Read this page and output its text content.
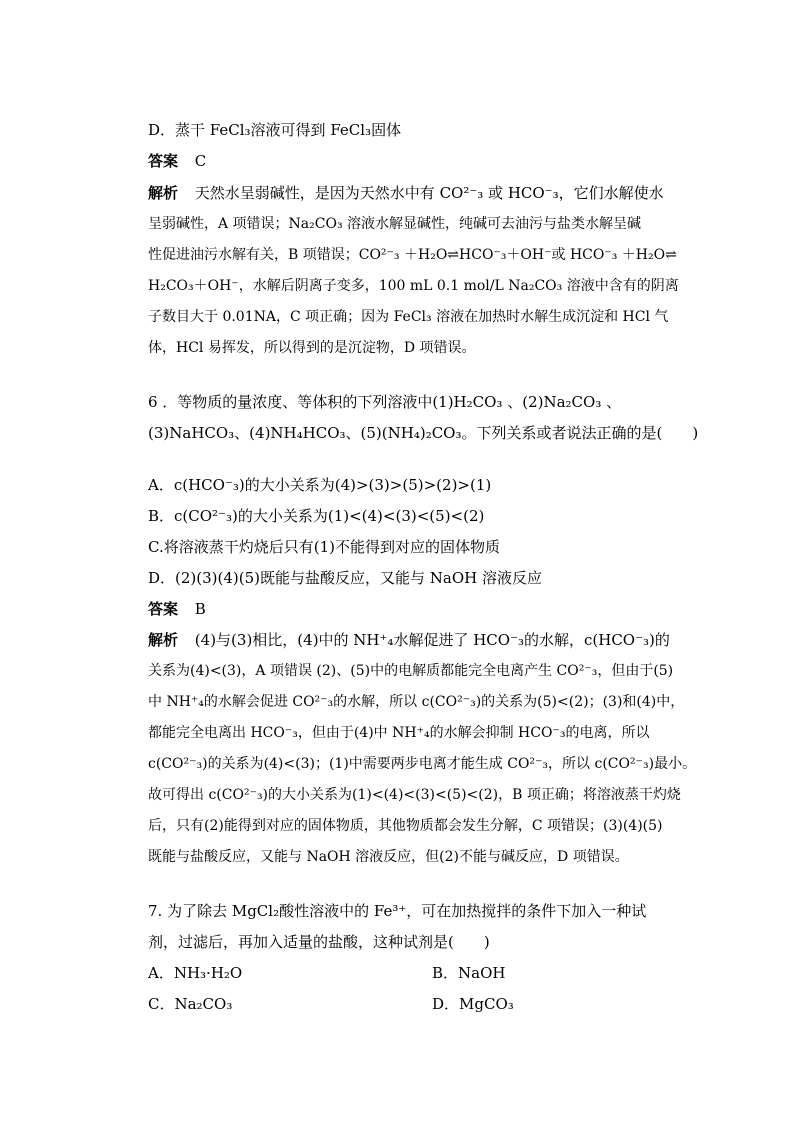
D．蒸干 FeCl₃溶液可得到 FeCl₃固体
答案 C
解析 天然水呈弱碱性，是因为天然水中有 CO²⁻₃ 或 HCO⁻₃，它们水解使水
呈弱碱性，A 项错误；Na₂CO₃ 溶液水解显碱性，纯碱可去油污与盐类水解呈碱
性促进油污水解有关，B 项错误；CO²⁻₃ ＋H₂O⇌HCO⁻₃＋OH⁻或 HCO⁻₃ ＋H₂O⇌
H₂CO₃＋OH⁻，水解后阴离子变多，100 mL 0.1 mol/L Na₂CO₃ 溶液中含有的阴离
子数目大于 0.01NA，C 项正确；因为 FeCl₃ 溶液在加热时水解生成沉淀和 HCl 气
体，HCl 易挥发，所以得到的是沉淀物，D 项错误。
6 ．等物质的量浓度、等体积的下列溶液中(1)H₂CO₃ 、(2)Na₂CO₃ 、
(3)NaHCO₃、(4)NH₄HCO₃、(5)(NH₄)₂CO₃。下列关系或者说法正确的是(　　)
A．c(HCO⁻₃)的大小关系为(4)>(3)>(5)>(2)>(1)
B．c(CO²⁻₃)的大小关系为(1)<(4)<(3)<(5)<(2)
C.将溶液蒸干灼烧后只有(1)不能得到对应的固体物质
D．(2)(3)(4)(5)既能与盐酸反应，又能与 NaOH 溶液反应
答案 B
解析 (4)与(3)相比，(4)中的 NH⁺₄水解促进了 HCO⁻₃的水解，c(HCO⁻₃)的
关系为(4)<(3)，A 项错误 (2)、(5)中的电解质都能完全电离产生 CO²⁻₃，但由于(5)
中 NH⁺₄的水解会促进 CO²⁻₃的水解，所以 c(CO²⁻₃)的关系为(5)<(2)；(3)和(4)中，
都能完全电离出 HCO⁻₃，但由于(4)中 NH⁺₄的水解会抑制 HCO⁻₃的电离，所以
c(CO²⁻₃)的关系为(4)<(3)；(1)中需要两步电离才能生成 CO²⁻₃，所以 c(CO²⁻₃)最小。
故可得出 c(CO²⁻₃)的大小关系为(1)<(4)<(3)<(5)<(2)，B 项正确；将溶液蒸干灼烧
后，只有(2)能得到对应的固体物质，其他物质都会发生分解，C 项错误；(3)(4)(5)
既能与盐酸反应，又能与 NaOH 溶液反应，但(2)不能与碱反应，D 项错误。
7. 为了除去 MgCl₂酸性溶液中的 Fe³⁺，可在加热搅拌的条件下加入一种试
剂，过滤后，再加入适量的盐酸，这种试剂是(　　)
A．NH₃·H₂O	B．NaOH
C．Na₂CO₃	D．MgCO₃
